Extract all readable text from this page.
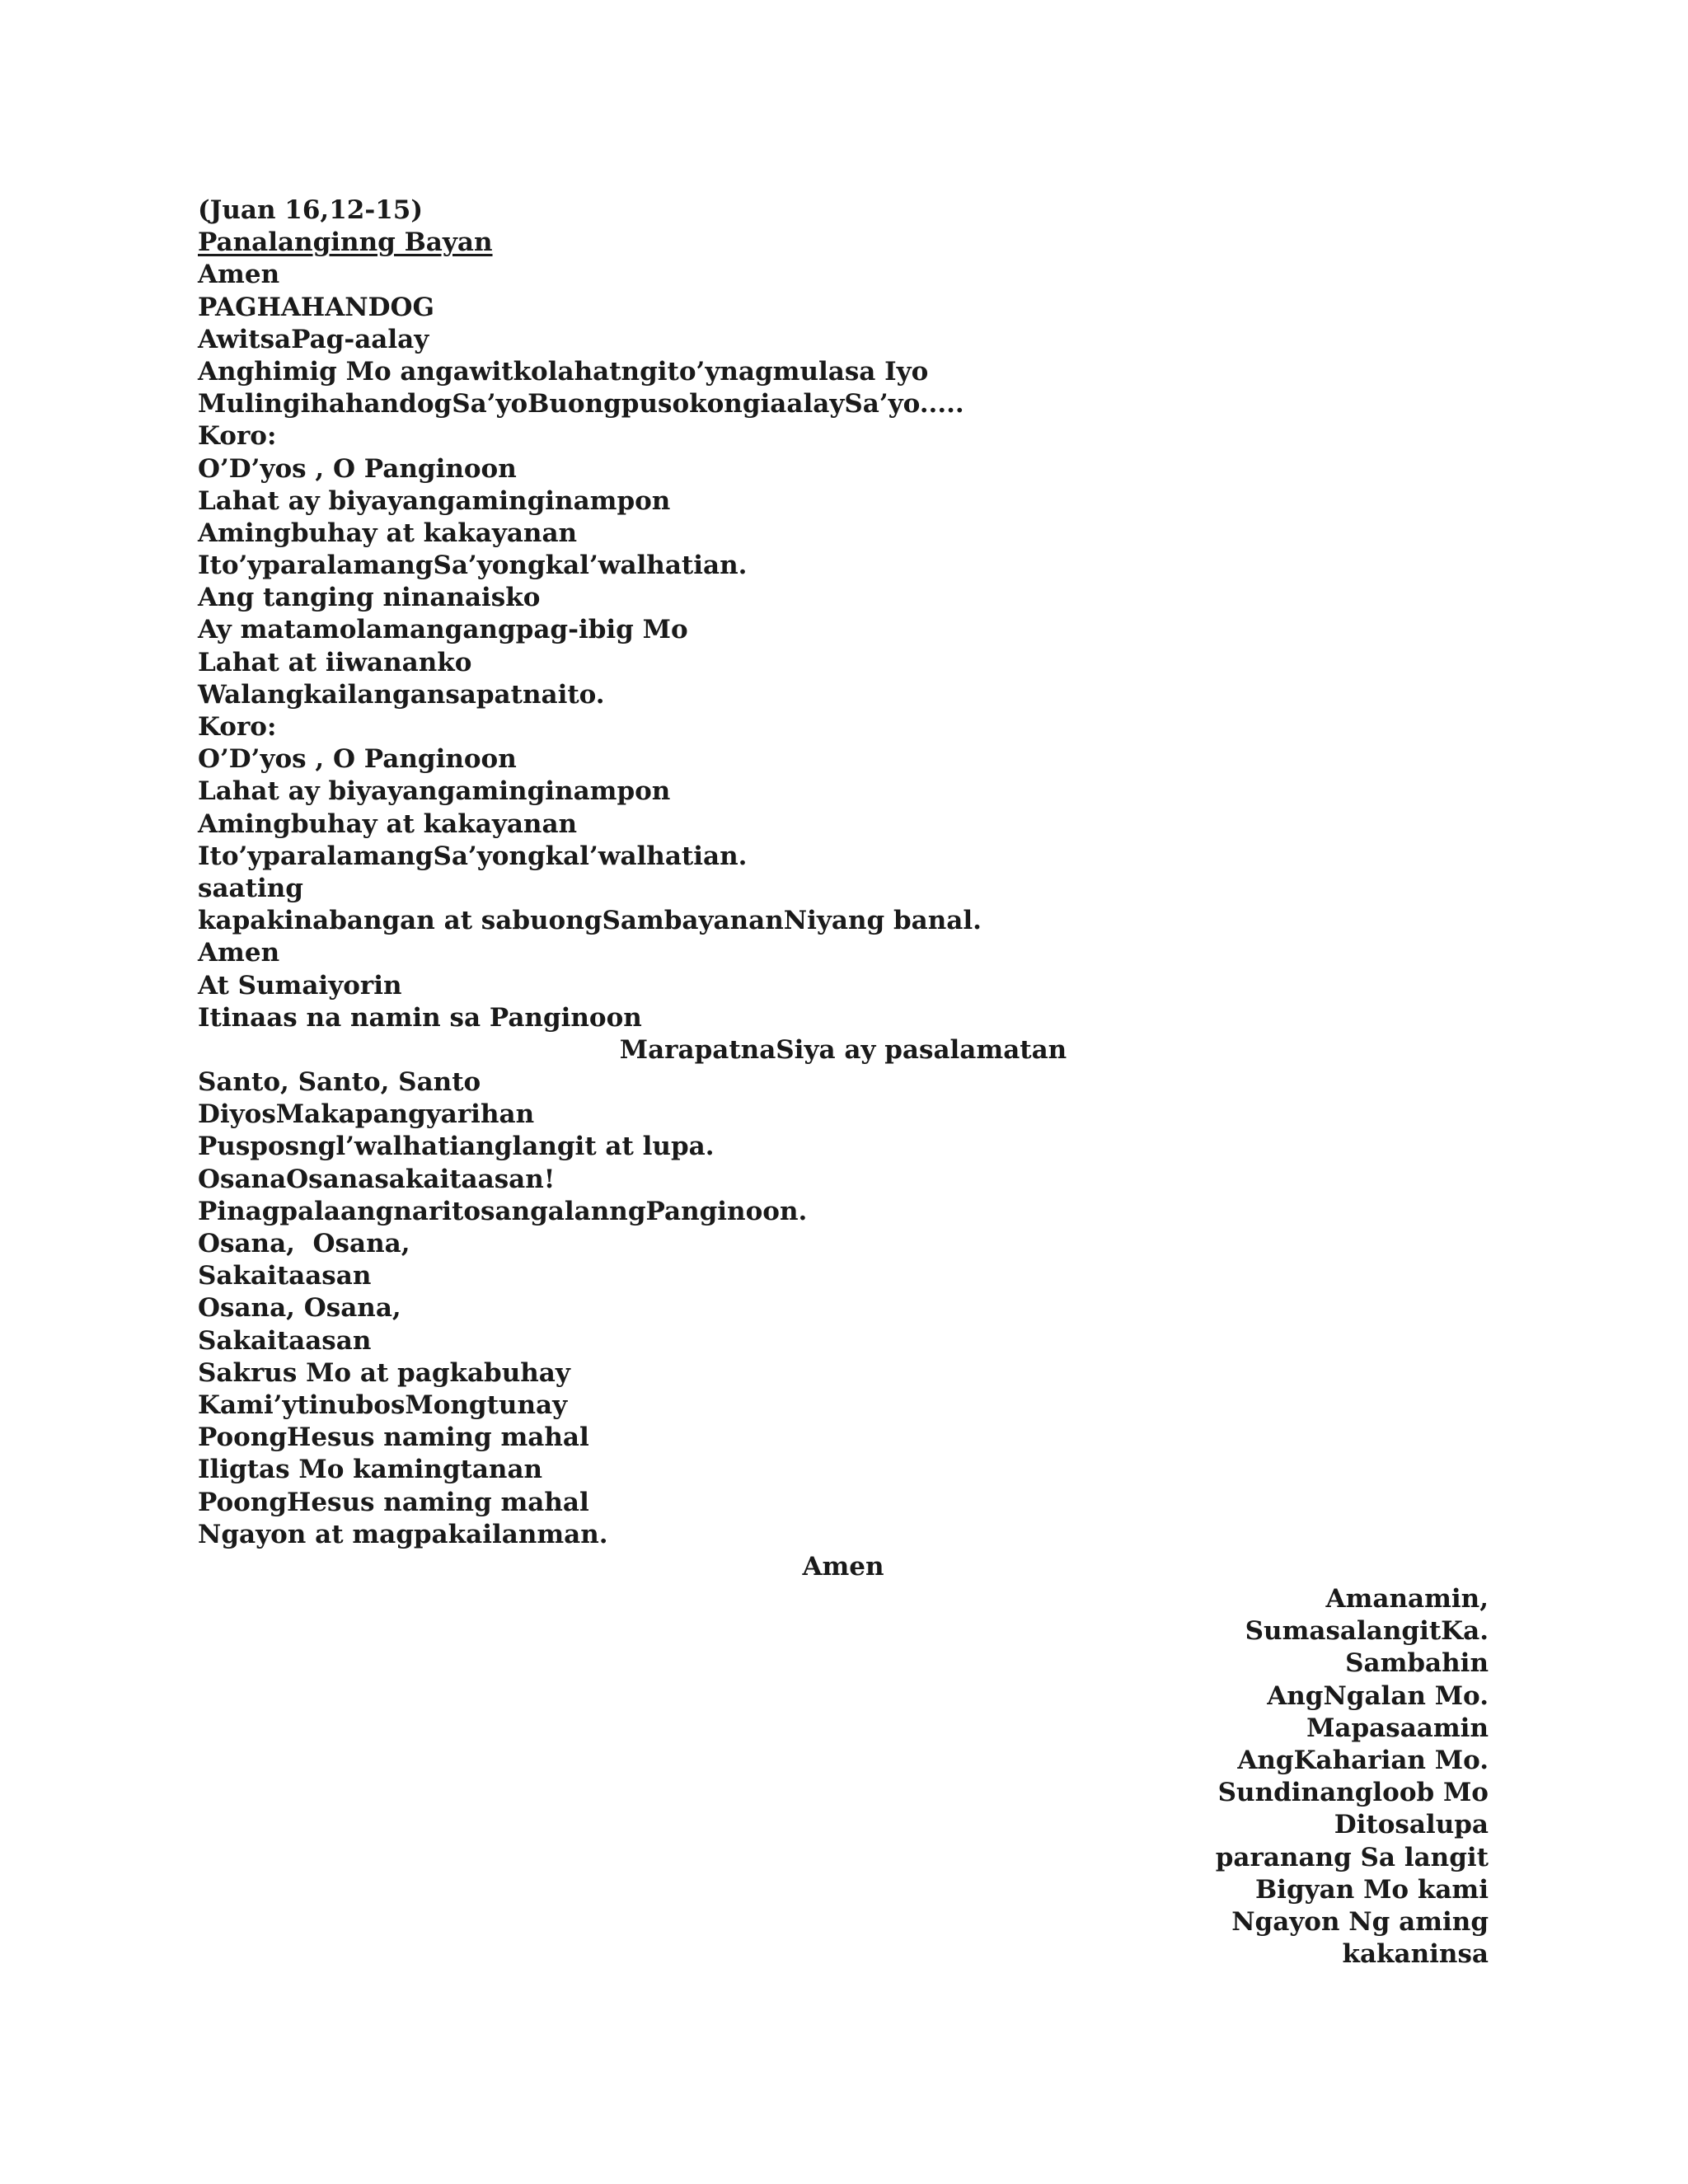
(Juan 16,12-15)
Panalanginng Bayan
Amen
PAGHAHANDOG
AwitsaPag-aalay
Anghimig Mo angawitkolahatngito’ynagmulasa Iyo
MulingihahandogSa’yoBuongpusokongiaalaySa’yo.....
Koro:
O’D’yos , O Panginoon
Lahat ay biyayangaminginampon
Amingbuhay at kakayanan
Ito’yparalamangSa’yongkal’walhatian.
Ang tanging ninanaisko
Ay matamolamangangpag-ibig Mo
Lahat at iiwananko
Walangkailangansapatnaito.
Koro:
O’D’yos , O Panginoon
Lahat ay biyayangaminginampon
Amingbuhay at kakayanan
Ito’yparalamangSa’yongkal’walhatian.
saating
kapakinabangan at sabuongSambayananNiyang banal.
Amen
At Sumaiyorin
Itinaas na namin sa Panginoon
MarapatnaSiya ay pasalamatan
Santo, Santo, Santo
DiyosMakapangyarihan
Pusposngl’walhatianglangit at lupa.
OsanaOsanasakaitaasan!
PinagpalaangnaritosangalanngPanginoon.
Osana,  Osana,
Sakaitaasan
Osana, Osana,
Sakaitaasan
Sakrus Mo at pagkabuhay
Kami’ytinubosMongtunay
PoongHesus naming mahal
Iligtas Mo kamingtanan
PoongHesus naming mahal
Ngayon at magpakailanman.
Amen
Amanamin,
SumasalangitKa.
Sambahin
AngNgalan Mo.
Mapasaamin
AngKaharian Mo.
Sundinangloob Mo
Ditosalupa
paranang Sa langit
Bigyan Mo kami
Ngayon Ng aming
kakaninsa
